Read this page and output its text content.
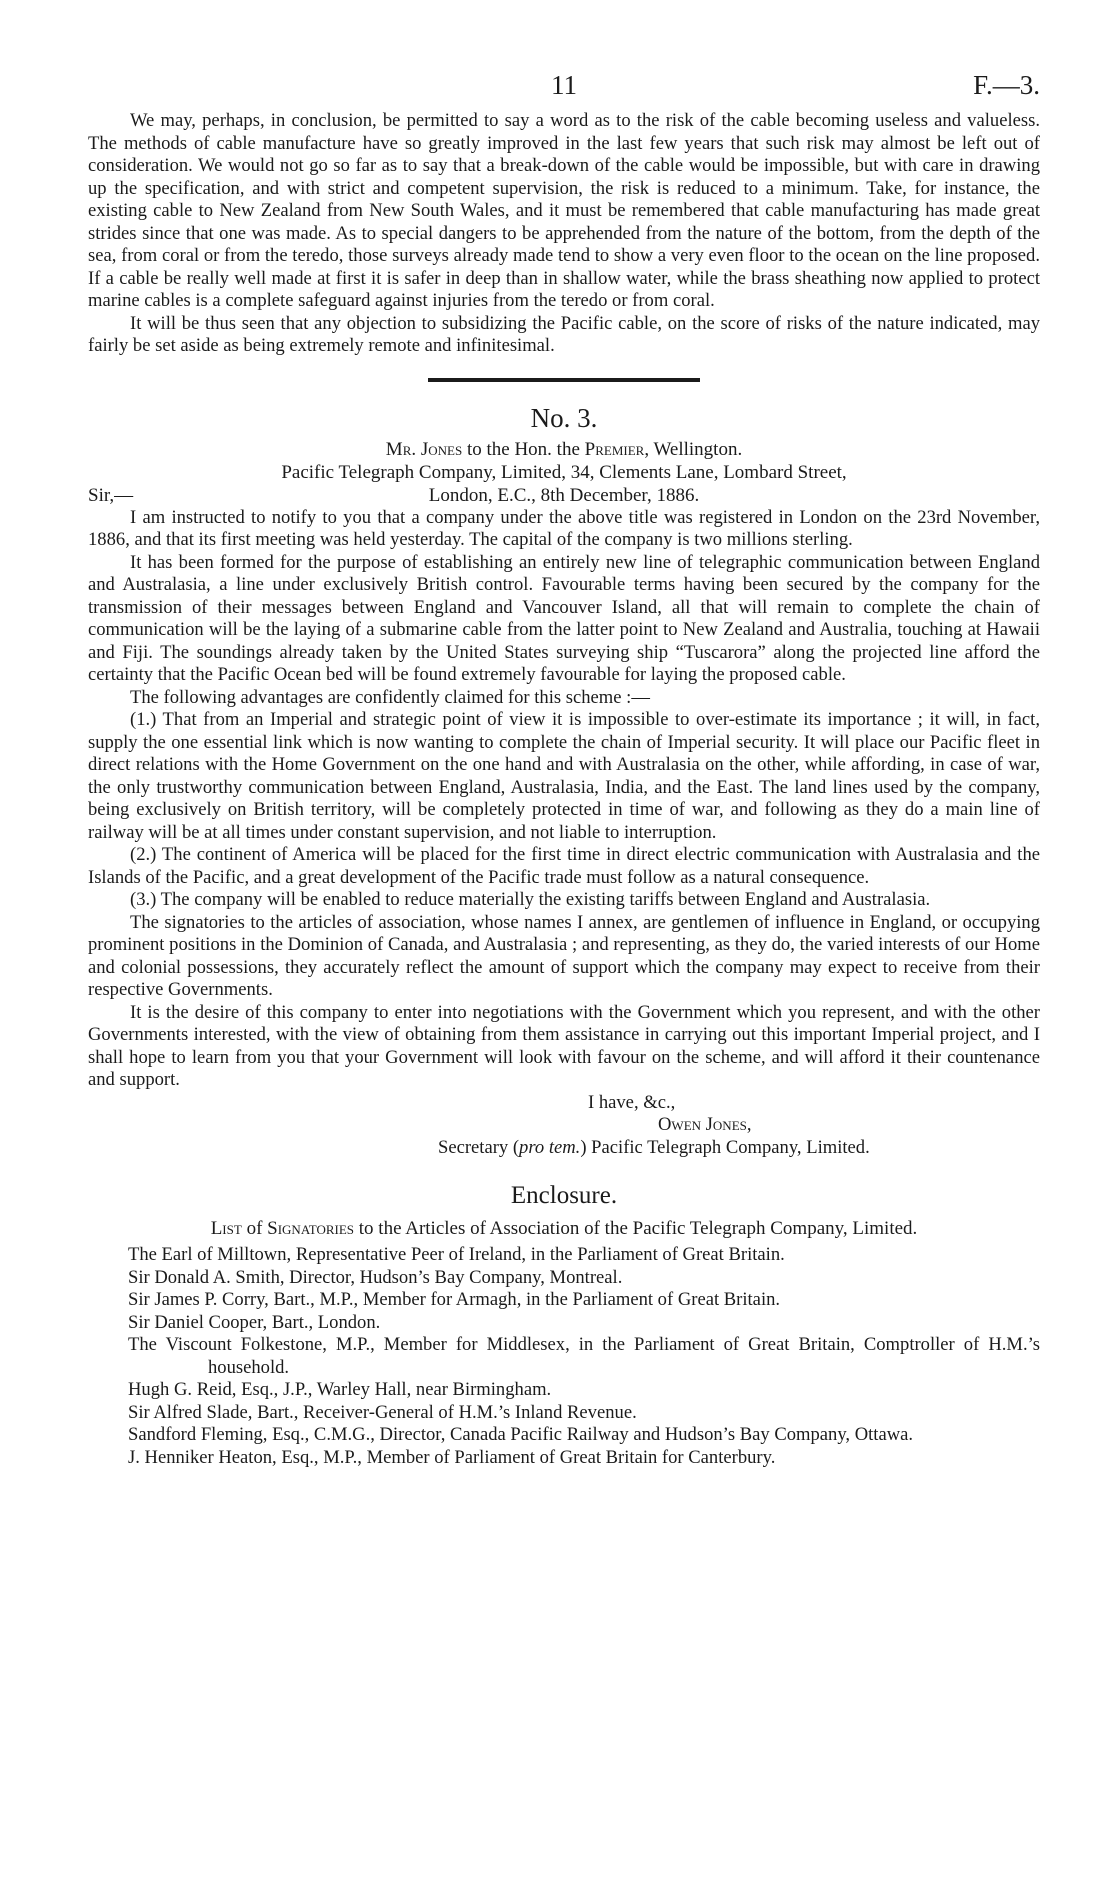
11	F.—3.

We may, perhaps, in conclusion, be permitted to say a word as to the risk of the cable becoming useless and valueless. The methods of cable manufacture have so greatly improved in the last few years that such risk may almost be left out of consideration. We would not go so far as to say that a break-down of the cable would be impossible, but with care in drawing up the specification, and with strict and competent supervision, the risk is reduced to a minimum. Take, for instance, the existing cable to New Zealand from New South Wales, and it must be remembered that cable manufacturing has made great strides since that one was made. As to special dangers to be apprehended from the nature of the bottom, from the depth of the sea, from coral or from the teredo, those surveys already made tend to show a very even floor to the ocean on the line proposed. If a cable be really well made at first it is safer in deep than in shallow water, while the brass sheathing now applied to protect marine cables is a complete safeguard against injuries from the teredo or from coral.

It will be thus seen that any objection to subsidizing the Pacific cable, on the score of risks of the nature indicated, may fairly be set aside as being extremely remote and infinitesimal.

No. 3.
Mr. Jones to the Hon. the Premier, Wellington.
Pacific Telegraph Company, Limited, 34, Clements Lane, Lombard Street,
London, E.C., 8th December, 1886.
Sir,—

I am instructed to notify to you that a company under the above title was registered in London on the 23rd November, 1886, and that its first meeting was held yesterday. The capital of the company is two millions sterling.

It has been formed for the purpose of establishing an entirely new line of telegraphic communication between England and Australasia, a line under exclusively British control. Favourable terms having been secured by the company for the transmission of their messages between England and Vancouver Island, all that will remain to complete the chain of communication will be the laying of a submarine cable from the latter point to New Zealand and Australia, touching at Hawaii and Fiji. The soundings already taken by the United States surveying ship “Tuscarora” along the projected line afford the certainty that the Pacific Ocean bed will be found extremely favourable for laying the proposed cable.

The following advantages are confidently claimed for this scheme :—

(1.) That from an Imperial and strategic point of view it is impossible to over-estimate its importance ; it will, in fact, supply the one essential link which is now wanting to complete the chain of Imperial security. It will place our Pacific fleet in direct relations with the Home Government on the one hand and with Australasia on the other, while affording, in case of war, the only trustworthy communication between England, Australasia, India, and the East. The land lines used by the company, being exclusively on British territory, will be completely protected in time of war, and following as they do a main line of railway will be at all times under constant supervision, and not liable to interruption.

(2.) The continent of America will be placed for the first time in direct electric communication with Australasia and the Islands of the Pacific, and a great development of the Pacific trade must follow as a natural consequence.

(3.) The company will be enabled to reduce materially the existing tariffs between England and Australasia.

The signatories to the articles of association, whose names I annex, are gentlemen of influence in England, or occupying prominent positions in the Dominion of Canada, and Australasia ; and representing, as they do, the varied interests of our Home and colonial possessions, they accurately reflect the amount of support which the company may expect to receive from their respective Governments.

It is the desire of this company to enter into negotiations with the Government which you represent, and with the other Governments interested, with the view of obtaining from them assistance in carrying out this important Imperial project, and I shall hope to learn from you that your Government will look with favour on the scheme, and will afford it their countenance and support.

I have, &c.,
Owen Jones,
Secretary (pro tem.) Pacific Telegraph Company, Limited.
Enclosure.
List of Signatories to the Articles of Association of the Pacific Telegraph Company, Limited.
The Earl of Milltown, Representative Peer of Ireland, in the Parliament of Great Britain.
Sir Donald A. Smith, Director, Hudson’s Bay Company, Montreal.
Sir James P. Corry, Bart., M.P., Member for Armagh, in the Parliament of Great Britain.
Sir Daniel Cooper, Bart., London.
The Viscount Folkestone, M.P., Member for Middlesex, in the Parliament of Great Britain, Comptroller of H.M.’s household.
Hugh G. Reid, Esq., J.P., Warley Hall, near Birmingham.
Sir Alfred Slade, Bart., Receiver-General of H.M.’s Inland Revenue.
Sandford Fleming, Esq., C.M.G., Director, Canada Pacific Railway and Hudson’s Bay Company, Ottawa.
J. Henniker Heaton, Esq., M.P., Member of Parliament of Great Britain for Canterbury.
